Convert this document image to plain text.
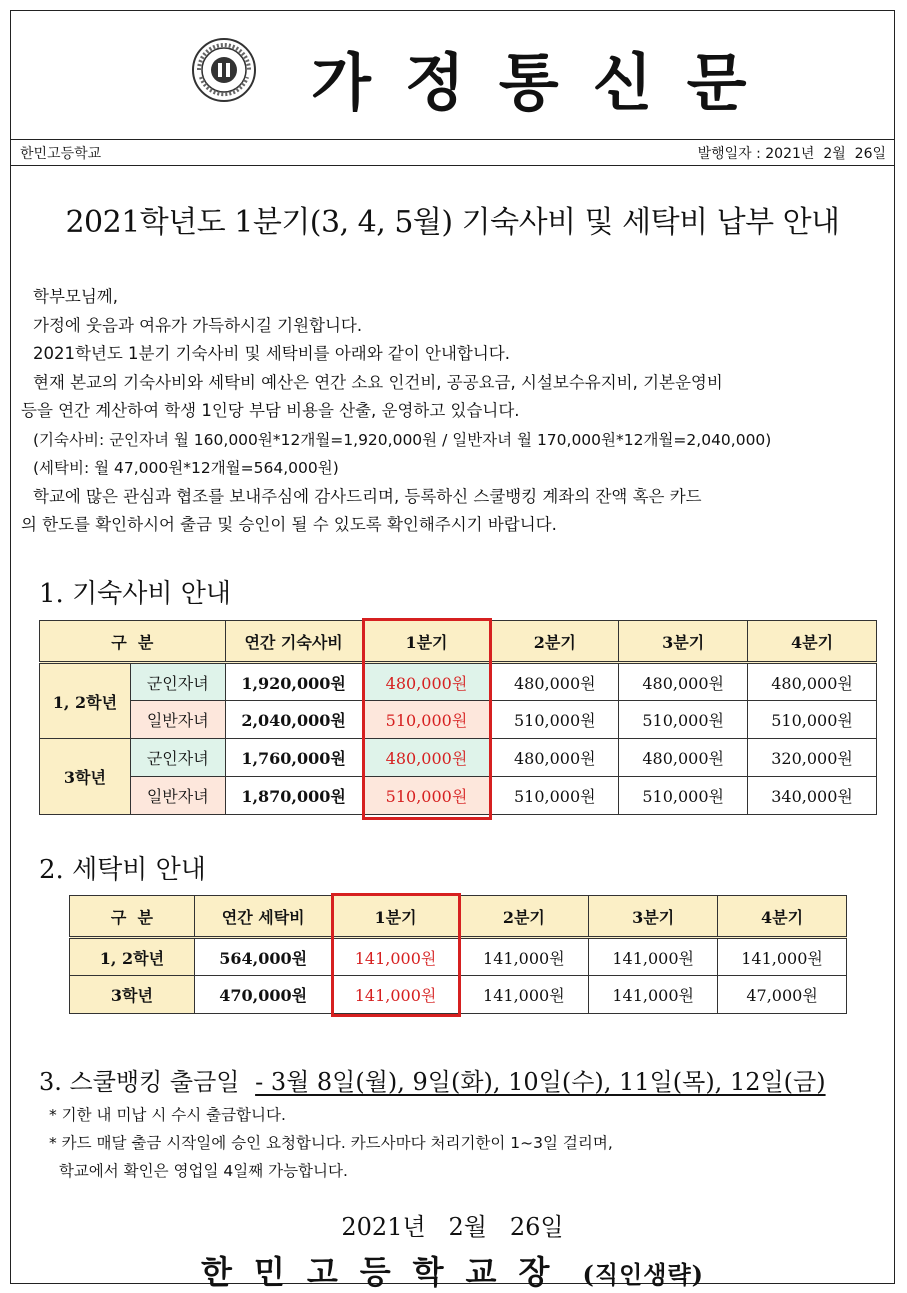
가정통신문
한민고등학교	발행일자 : 2021년  2월  26일
2021학년도 1분기(3, 4, 5월) 기숙사비 및 세탁비 납부 안내

학부모님께,

가정에 웃음과 여유가 가득하시길 기원합니다.

2021학년도 1분기 기숙사비 및 세탁비를 아래와 같이 안내합니다.

현재 본교의 기숙사비와 세탁비 예산은 연간 소요 인건비, 공공요금, 시설보수유지비, 기본운영비

등을 연간 계산하여 학생 1인당 부담 비용을 산출, 운영하고 있습니다.

(기숙사비: 군인자녀 월 160,000원*12개월=1,920,000원 / 일반자녀 월 170,000원*12개월=2,040,000)

(세탁비: 월 47,000원*12개월=564,000원)

학교에 많은 관심과 협조를 보내주심에 감사드리며, 등록하신 스쿨뱅킹 계좌의 잔액 혹은 카드

의 한도를 확인하시어 출금 및 승인이 될 수 있도록 확인해주시기 바랍니다.

1. 기숙사비 안내
구  분		연간 기숙사비	1분기	2분기	3분기	4분기
1, 2학년	군인자녀	1,920,000원	480,000원	480,000원	480,000원	480,000원
	일반자녀	2,040,000원	510,000원	510,000원	510,000원	510,000원
3학년	군인자녀	1,760,000원	480,000원	480,000원	480,000원	320,000원
	일반자녀	1,870,000원	510,000원	510,000원	510,000원	340,000원
2. 세탁비 안내
구  분	연간 세탁비	1분기	2분기	3분기	4분기
1, 2학년	564,000원	141,000원	141,000원	141,000원	141,000원
3학년	470,000원	141,000원	141,000원	141,000원	47,000원
3. 스쿨뱅킹 출금일 - 3월 8일(월), 9일(화), 10일(수), 11일(목), 12일(금)

* 기한 내 미납 시 수시 출금합니다.

* 카드 매달 출금 시작일에 승인 요청합니다. 카드사마다 처리기한이 1~3일 걸리며,

학교에서 확인은 영업일 4일째 가능합니다.

2021년   2월   26일
한민고등학교장 (직인생략)
